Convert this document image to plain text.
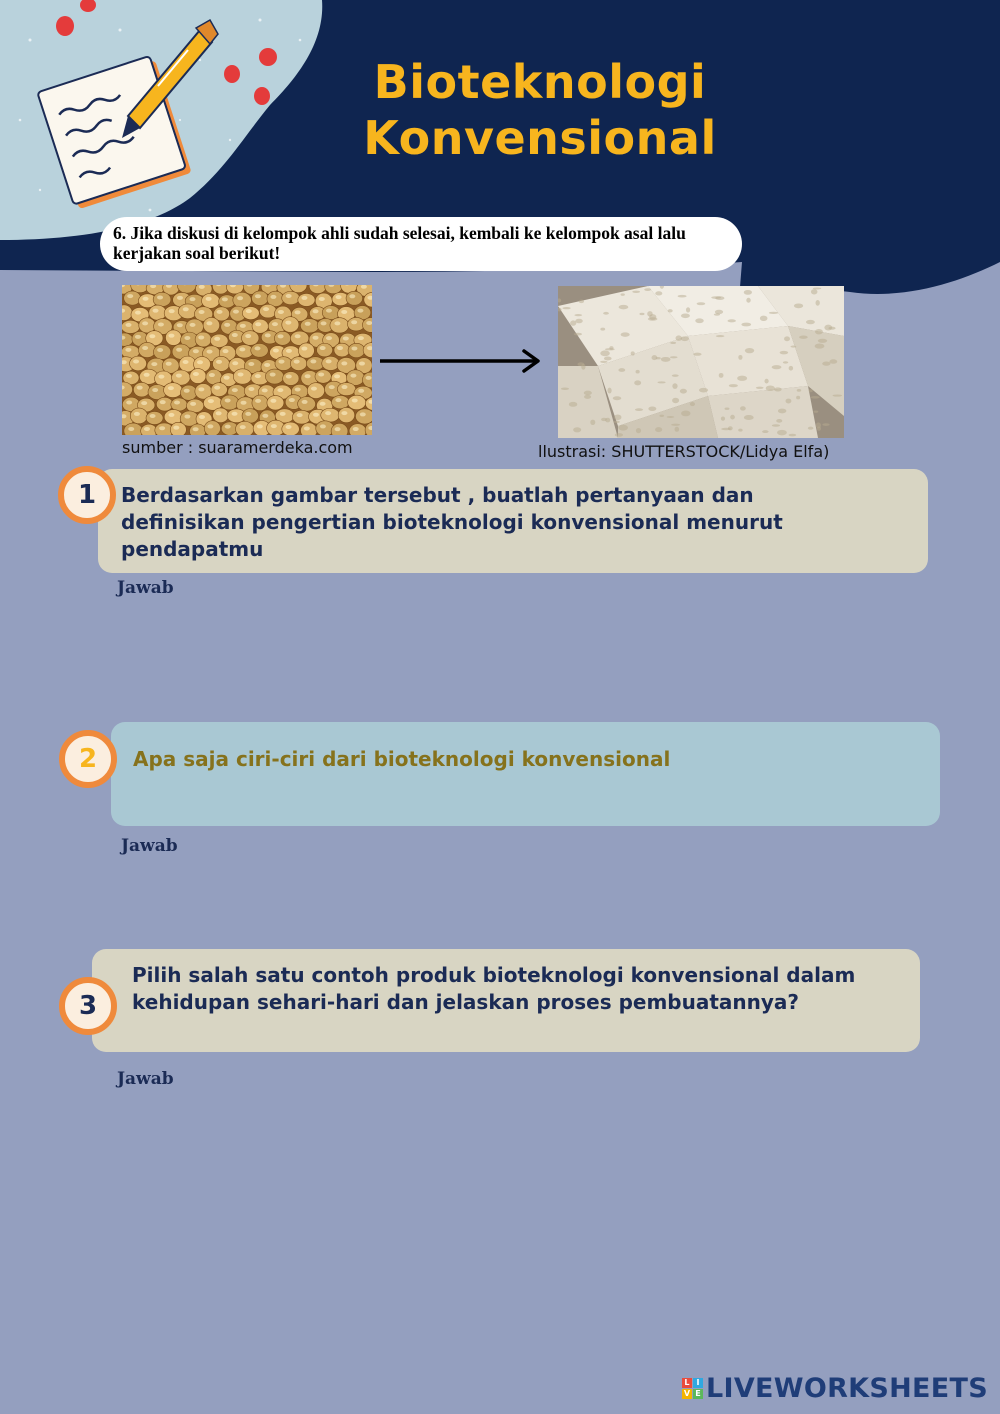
Bioteknologi
Konvensional
6. Jika diskusi di kelompok ahli sudah selesai, kembali ke kelompok asal lalu kerjakan soal berikut!
sumber : suaramerdeka.com	llustrasi: SHUTTERSTOCK/Lidya Elfa)
Berdasarkan gambar tersebut , buatlah pertanyaan dan definisikan pengertian bioteknologi konvensional menurut pendapatmu
1
Jawab
Apa saja ciri-ciri dari bioteknologi konvensional
2
Jawab
Pilih salah satu contoh produk bioteknologi konvensional dalam kehidupan sehari-hari dan jelaskan proses pembuatannya?
3
Jawab
L I
V E LIVEWORKSHEETS
